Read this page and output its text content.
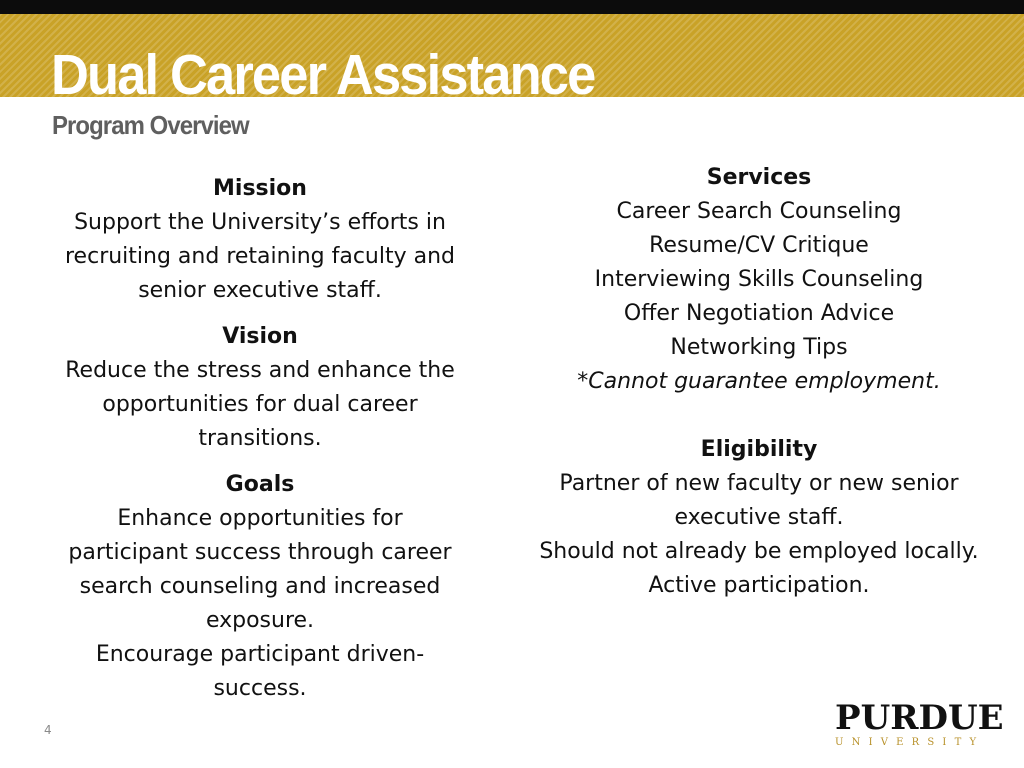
Dual Career Assistance
Program Overview
Mission
Support the University’s efforts in
recruiting and retaining faculty and
senior executive staff.
Vision
Reduce the stress and enhance the
opportunities for dual career
transitions.
Goals
Enhance opportunities for
participant success through career
search counseling and increased
exposure.
Encourage participant driven-
success.
Services
Career Search Counseling
Resume/CV Critique
Interviewing Skills Counseling
Offer Negotiation Advice
Networking Tips
*Cannot guarantee employment.
Eligibility
Partner of new faculty or new senior
executive staff.
Should not already be employed locally.
Active participation.
4	PURDUE
UNIVERSITY
